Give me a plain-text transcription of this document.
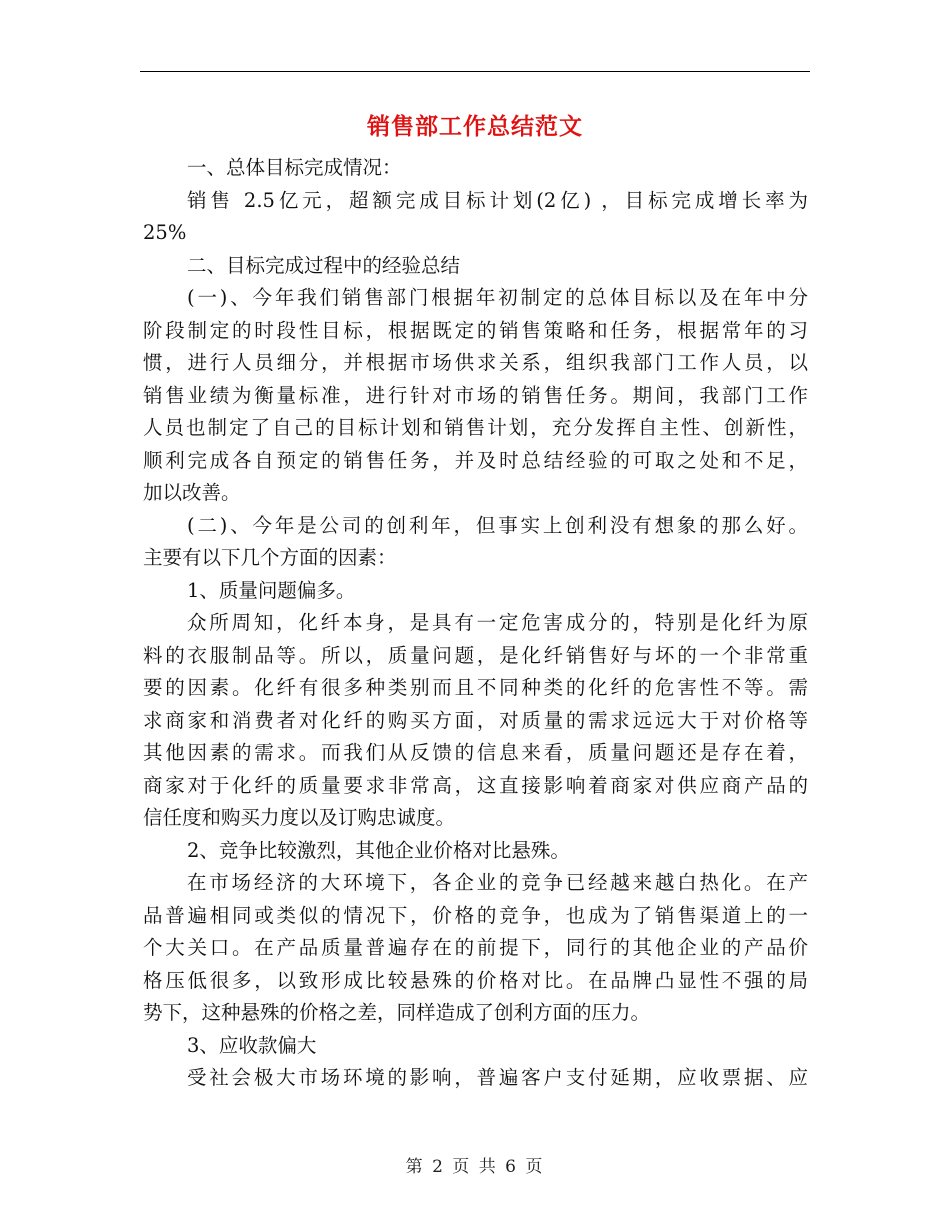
销售部工作总结范文
一、总体目标完成情况：
销售 2.5亿元，超额完成目标计划(2亿) ，目标完成增长率为
25%
二、目标完成过程中的经验总结
(一)、今年我们销售部门根据年初制定的总体目标以及在年中分
阶段制定的时段性目标，根据既定的销售策略和任务，根据常年的习
惯，进行人员细分，并根据市场供求关系，组织我部门工作人员，以
销售业绩为衡量标准，进行针对市场的销售任务。期间，我部门工作
人员也制定了自己的目标计划和销售计划，充分发挥自主性、创新性，
顺利完成各自预定的销售任务，并及时总结经验的可取之处和不足，
加以改善。
(二)、今年是公司的创利年，但事实上创利没有想象的那么好。
主要有以下几个方面的因素：
1、质量问题偏多。
众所周知，化纤本身，是具有一定危害成分的，特别是化纤为原
料的衣服制品等。所以，质量问题，是化纤销售好与坏的一个非常重
要的因素。化纤有很多种类别而且不同种类的化纤的危害性不等。需
求商家和消费者对化纤的购买方面，对质量的需求远远大于对价格等
其他因素的需求。而我们从反馈的信息来看，质量问题还是存在着，
商家对于化纤的质量要求非常高，这直接影响着商家对供应商产品的
信任度和购买力度以及订购忠诚度。
2、竞争比较激烈，其他企业价格对比悬殊。
在市场经济的大环境下，各企业的竞争已经越来越白热化。在产
品普遍相同或类似的情况下，价格的竞争，也成为了销售渠道上的一
个大关口。在产品质量普遍存在的前提下，同行的其他企业的产品价
格压低很多，以致形成比较悬殊的价格对比。在品牌凸显性不强的局
势下，这种悬殊的价格之差，同样造成了创利方面的压力。
3、应收款偏大
受社会极大市场环境的影响，普遍客户支付延期，应收票据、应
第 2 页 共 6 页
